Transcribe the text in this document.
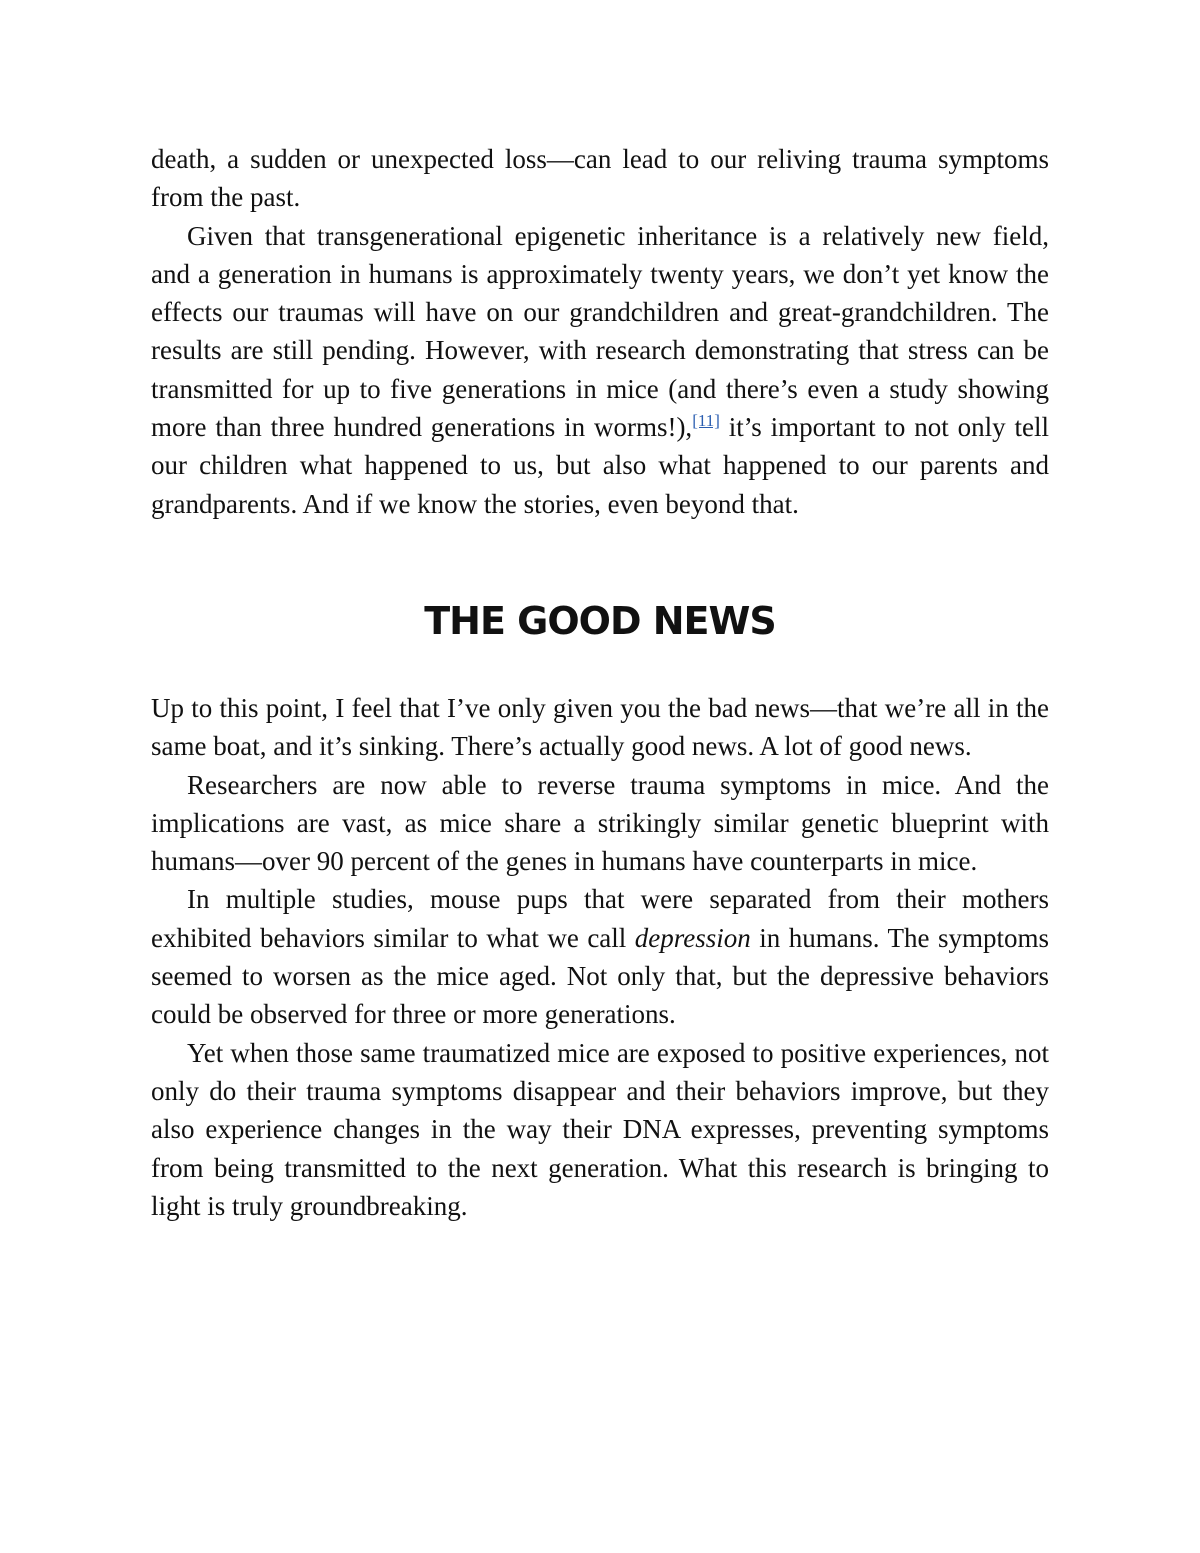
death, a sudden or unexpected loss—can lead to our reliving trauma symptoms from the past.

Given that transgenerational epigenetic inheritance is a relatively new field, and a generation in humans is approximately twenty years, we don’t yet know the effects our traumas will have on our grandchildren and great-grandchildren. The results are still pending. However, with research demonstrating that stress can be transmitted for up to five generations in mice (and there’s even a study showing more than three hundred generations in worms!),[11] it’s important to not only tell our children what happened to us, but also what happened to our parents and grandparents. And if we know the stories, even beyond that.

THE GOOD NEWS

Up to this point, I feel that I’ve only given you the bad news—that we’re all in the same boat, and it’s sinking. There’s actually good news. A lot of good news.

Researchers are now able to reverse trauma symptoms in mice. And the implications are vast, as mice share a strikingly similar genetic blueprint with humans—over 90 percent of the genes in humans have counterparts in mice.

In multiple studies, mouse pups that were separated from their mothers exhibited behaviors similar to what we call depression in humans. The symptoms seemed to worsen as the mice aged. Not only that, but the depressive behaviors could be observed for three or more generations.

Yet when those same traumatized mice are exposed to positive experiences, not only do their trauma symptoms disappear and their behaviors improve, but they also experience changes in the way their DNA expresses, preventing symptoms from being transmitted to the next generation. What this research is bringing to light is truly groundbreaking.
